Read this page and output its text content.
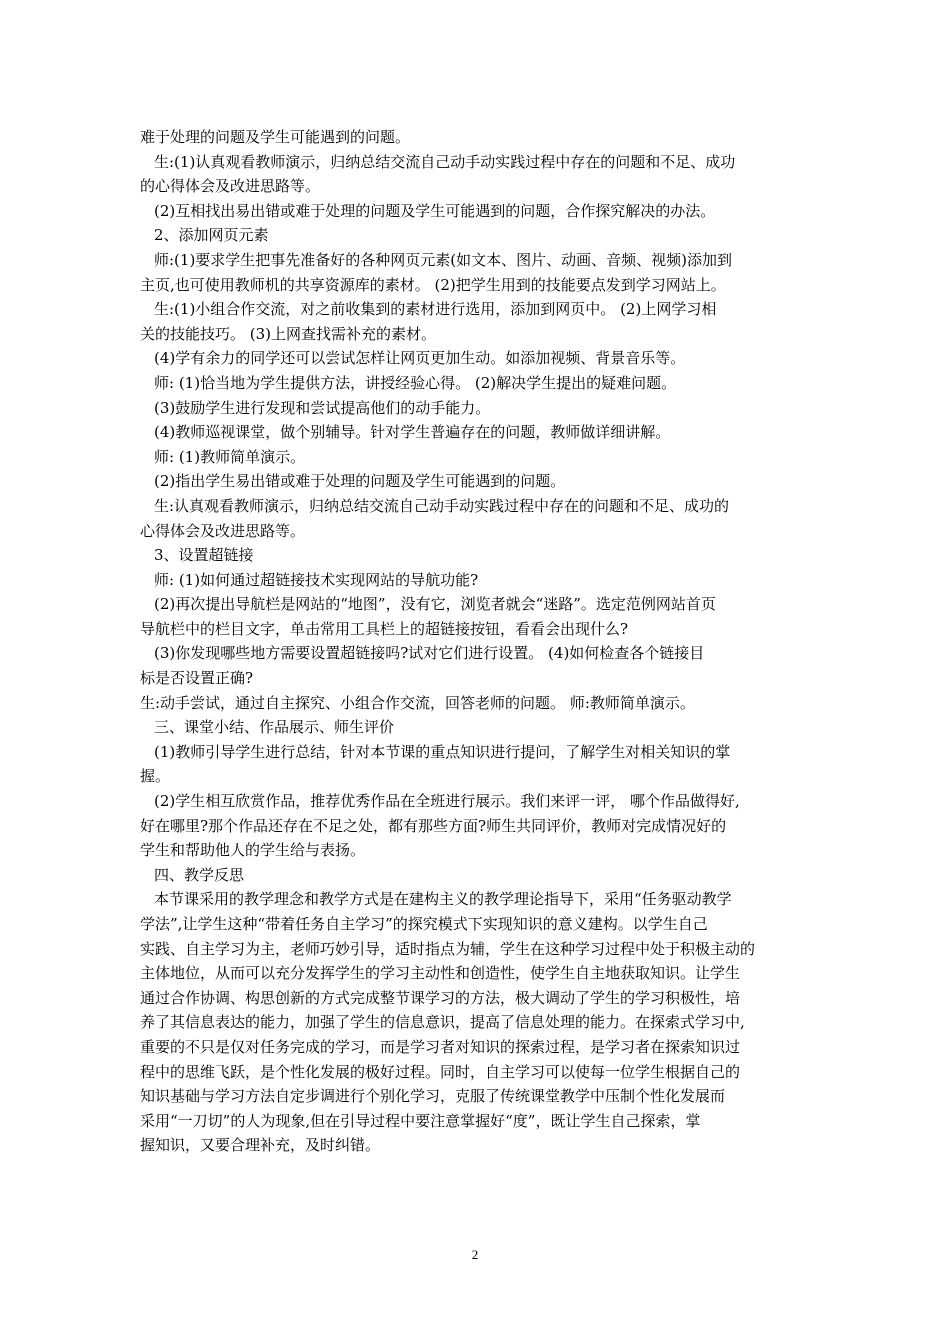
难于处理的问题及学生可能遇到的问题。
生:(1)认真观看教师演示，归纳总结交流自己动手动实践过程中存在的问题和不足、成功
的心得体会及改进思路等。
(2)互相找出易出错或难于处理的问题及学生可能遇到的问题，合作探究解决的办法。
2、添加网页元素
师:(1)要求学生把事先准备好的各种网页元素(如文本、图片、动画、音频、视频)添加到
主页,也可使用教师机的共享资源库的素材。 (2)把学生用到的技能要点发到学习网站上。
生:(1)小组合作交流，对之前收集到的素材进行选用，添加到网页中。 (2)上网学习相
关的技能技巧。 (3)上网查找需补充的素材。
(4)学有余力的同学还可以尝试怎样让网页更加生动。如添加视频、背景音乐等。
师: (1)恰当地为学生提供方法，讲授经验心得。 (2)解决学生提出的疑难问题。
(3)鼓励学生进行发现和尝试提高他们的动手能力。
(4)教师巡视课堂，做个别辅导。针对学生普遍存在的问题，教师做详细讲解。
师: (1)教师简单演示。
(2)指出学生易出错或难于处理的问题及学生可能遇到的问题。
生:认真观看教师演示，归纳总结交流自己动手动实践过程中存在的问题和不足、成功的
心得体会及改进思路等。
3、设置超链接
师: (1)如何通过超链接技术实现网站的导航功能?
(2)再次提出导航栏是网站的“地图”，没有它，浏览者就会“迷路”。选定范例网站首页
导航栏中的栏目文字，单击常用工具栏上的超链接按钮，看看会出现什么?
(3)你发现哪些地方需要设置超链接吗?试对它们进行设置。 (4)如何检查各个链接目
标是否设置正确?
生:动手尝试，通过自主探究、小组合作交流，回答老师的问题。 师:教师简单演示。
三、课堂小结、作品展示、师生评价
(1)教师引导学生进行总结，针对本节课的重点知识进行提问，了解学生对相关知识的掌
握。
(2)学生相互欣赏作品，推荐优秀作品在全班进行展示。我们来评一评， 哪个作品做得好,
好在哪里?那个作品还存在不足之处，都有那些方面?师生共同评价，教师对完成情况好的
学生和帮助他人的学生给与表扬。
四、教学反思
本节课采用的教学理念和教学方式是在建构主义的教学理论指导下，采用“任务驱动教学
学法”,让学生这种“带着任务自主学习”的探究模式下实现知识的意义建构。以学生自己
实践、自主学习为主，老师巧妙引导，适时指点为辅，学生在这种学习过程中处于积极主动的
主体地位，从而可以充分发挥学生的学习主动性和创造性，使学生自主地获取知识。让学生
通过合作协调、构思创新的方式完成整节课学习的方法，极大调动了学生的学习积极性，培
养了其信息表达的能力，加强了学生的信息意识，提高了信息处理的能力。在探索式学习中,
重要的不只是仅对任务完成的学习，而是学习者对知识的探索过程，是学习者在探索知识过
程中的思维飞跃，是个性化发展的极好过程。同时，自主学习可以使每一位学生根据自己的
知识基础与学习方法自定步调进行个别化学习，克服了传统课堂教学中压制个性化发展而
采用“一刀切”的人为现象,但在引导过程中要注意掌握好“度”，既让学生自己探索，掌
握知识，又要合理补充，及时纠错。
2
